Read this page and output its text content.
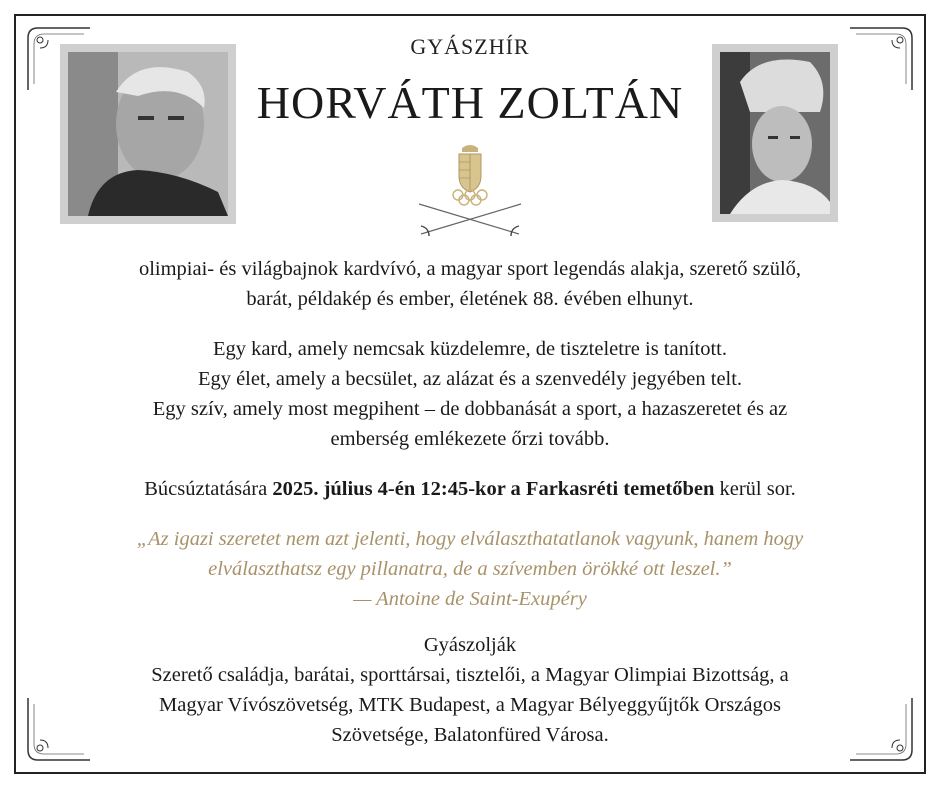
GYÁSZHÍR
HORVÁTH ZOLTÁN
olimpiai- és világbajnok kardvívó, a magyar sport legendás alakja, szerető szülő,
barát, példakép és ember, életének 88. évében elhunyt.
Egy kard, amely nemcsak küzdelemre, de tiszteletre is tanított.
Egy élet, amely a becsület, az alázat és a szenvedély jegyében telt.
Egy szív, amely most megpihent – de dobbanását a sport, a hazaszeretet és az
emberség emlékezete őrzi tovább.
Búcsúztatására 2025. július 4-én 12:45-kor a Farkasréti temetőben kerül sor.
„Az igazi szeretet nem azt jelenti, hogy elválaszthatatlanok vagyunk, hanem hogy
elválaszthatsz egy pillanatra, de a szívemben örökké ott leszel.”
— Antoine de Saint-Exupéry
Gyászolják
Szerető családja, barátai, sporttársai, tisztelői, a Magyar Olimpiai Bizottság, a
Magyar Vívószövetség, MTK Budapest, a Magyar Bélyeggyűjtők Országos
Szövetsége, Balatonfüred Városa.
